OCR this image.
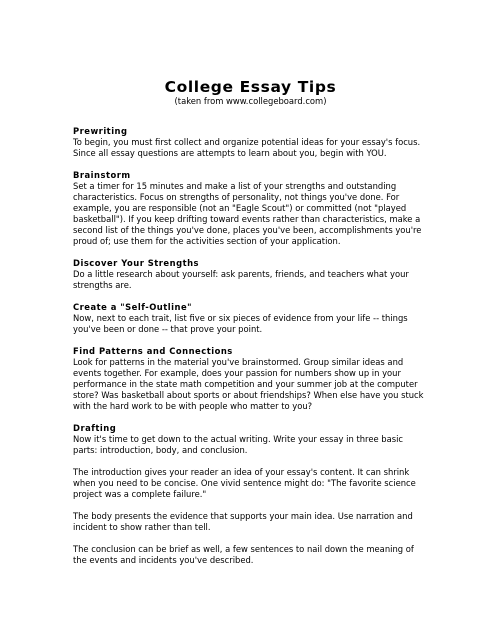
College Essay Tips

(taken from www.collegeboard.com)

Prewriting

To begin, you must first collect and organize potential ideas for your essay's focus. Since all essay questions are attempts to learn about you, begin with YOU.

Brainstorm

Set a timer for 15 minutes and make a list of your strengths and outstanding characteristics. Focus on strengths of personality, not things you've done. For example, you are responsible (not an "Eagle Scout") or committed (not "played basketball"). If you keep drifting toward events rather than characteristics, make a second list of the things you've done, places you've been, accomplishments you're proud of; use them for the activities section of your application.

Discover Your Strengths

Do a little research about yourself: ask parents, friends, and teachers what your strengths are.

Create a "Self-Outline"

Now, next to each trait, list five or six pieces of evidence from your life -- things you've been or done -- that prove your point.

Find Patterns and Connections

Look for patterns in the material you've brainstormed. Group similar ideas and events together. For example, does your passion for numbers show up in your performance in the state math competition and your summer job at the computer store? Was basketball about sports or about friendships? When else have you stuck with the hard work to be with people who matter to you?

Drafting

Now it's time to get down to the actual writing. Write your essay in three basic parts: introduction, body, and conclusion.

The introduction gives your reader an idea of your essay's content. It can shrink when you need to be concise. One vivid sentence might do: "The favorite science project was a complete failure."

The body presents the evidence that supports your main idea. Use narration and incident to show rather than tell.

The conclusion can be brief as well, a few sentences to nail down the meaning of the events and incidents you've described.
